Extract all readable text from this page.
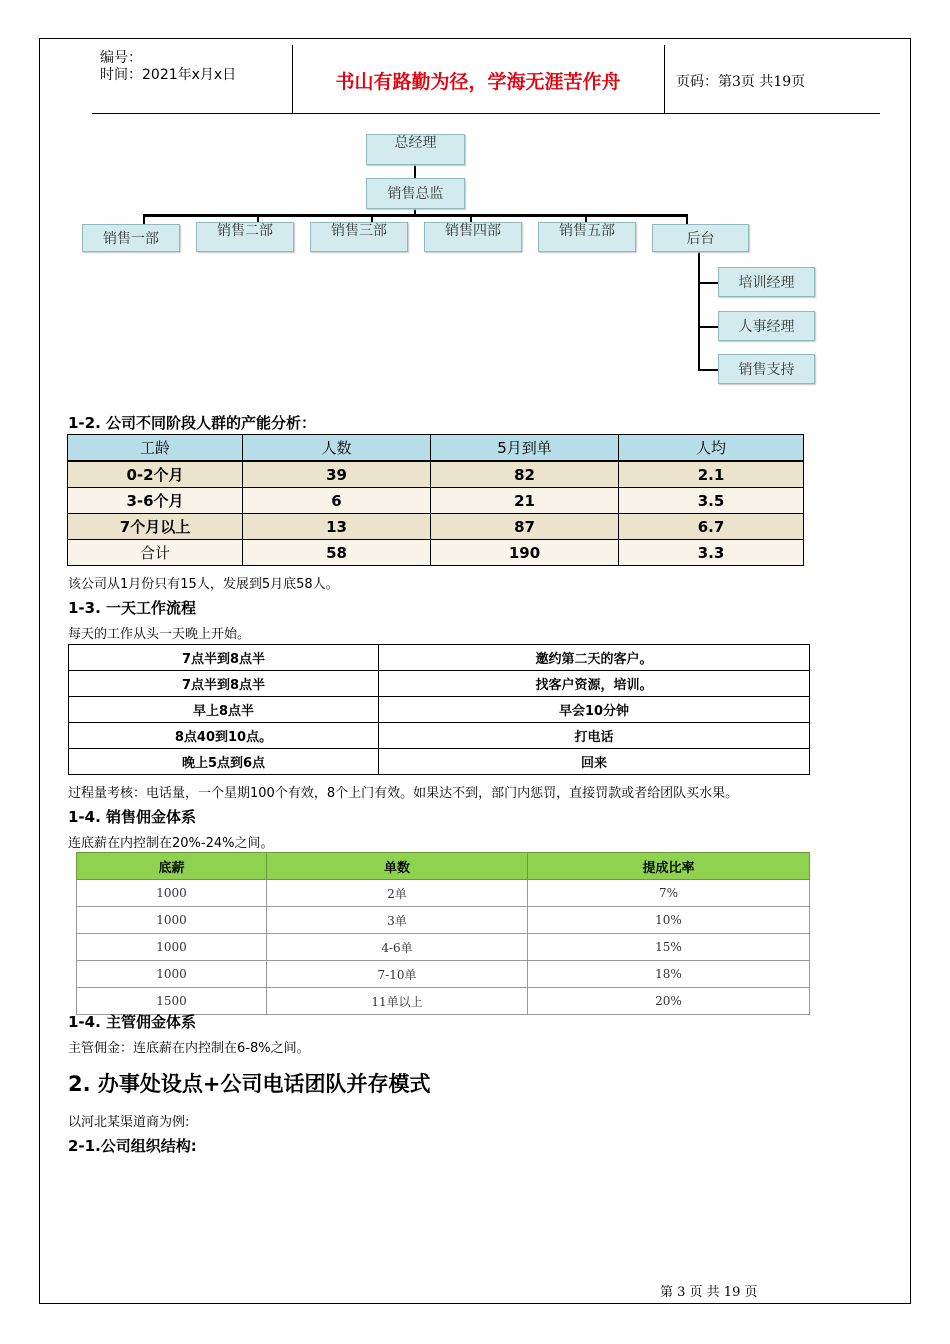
编号：
时间：2021年x月x日	书山有路勤为径，学海无涯苦作舟	页码：第3页 共19页
总经理
销售总监
销售一部	销售二部	销售三部	销售四部	销售五部	后台
培训经理
人事经理
销售支持
1-2. 公司不同阶段人群的产能分析：
工龄	人数	5月到单	人均
0-2个月	39	82	2.1
3-6个月	6	21	3.5
7个月以上	13	87	6.7
合计	58	190	3.3
该公司从1月份只有15人，发展到5月底58人。
1-3. 一天工作流程
每天的工作从头一天晚上开始。
7点半到8点半	邀约第二天的客户。
7点半到8点半	找客户资源，培训。
早上8点半	早会10分钟
8点40到10点。	打电话
晚上5点到6点	回来
过程量考核：电话量，一个星期100个有效，8个上门有效。如果达不到，部门内惩罚，直接罚款或者给团队买水果。
1-4. 销售佣金体系
连底薪在内控制在20%-24%之间。
底薪	单数	提成比率
1000	2单	7%
1000	3单	10%
1000	4-6单	15%
1000	7-10单	18%
1500	11单以上	20%
1-4. 主管佣金体系
主管佣金：连底薪在内控制在6-8%之间。
2. 办事处设点+公司电话团队并存模式
以河北某渠道商为例:
2-1.公司组织结构:
第 3 页 共 19 页
